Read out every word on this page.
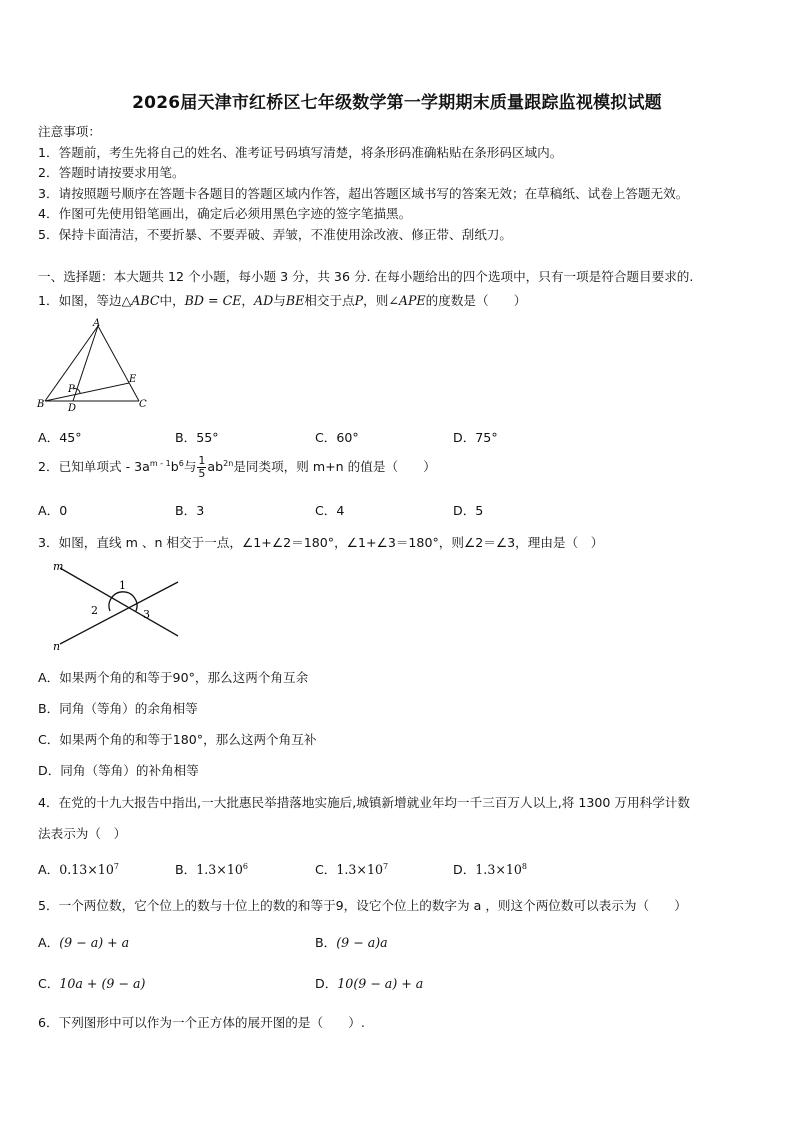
2026届天津市红桥区七年级数学第一学期期末质量跟踪监视模拟试题
注意事项：
1．答题前，考生先将自己的姓名、准考证号码填写清楚，将条形码准确粘贴在条形码区域内。
2．答题时请按要求用笔。
3．请按照题号顺序在答题卡各题目的答题区域内作答，超出答题区域书写的答案无效；在草稿纸、试卷上答题无效。
4．作图可先使用铅笔画出，确定后必须用黑色字迹的签字笔描黑。
5．保持卡面清洁，不要折暴、不要弄破、弄皱，不准使用涂改液、修正带、刮纸刀。
一、选择题：本大题共 12 个小题，每小题 3 分，共 36 分. 在每小题给出的四个选项中，只有一项是符合题目要求的.
1．如图，等边△ABC中，BD = CE，AD与BE相交于点P，则∠APE的度数是（　　）
A
B	C
D
E
P
A．45°	B．55°	C．60°	D．75°
2．已知单项式 - $3a^{m - 1}b^6$与 $\frac{1}{5} ab^{2n}$是同类项，则 m+n 的值是（　　）
A．0	B．3	C．4	D．5
3．如图，直线 m 、n 相交于一点，∠1+∠2＝180°，∠1+∠3＝180°，则∠2＝∠3，理由是（　）
m
n
1
2	3
A．如果两个角的和等于90°，那么这两个角互余
B．同角（等角）的余角相等
C．如果两个角的和等于180°，那么这两个角互补
D．同角（等角）的补角相等
4．在党的十九大报告中指出,一大批惠民举措落地实施后,城镇新增就业年均一千三百万人以上,将 1300 万用科学计数
法表示为（　）
A．$0.13\times 10^7$	B．$1.3\times 10^6$	C．$1.3\times 10^7$	D．$1.3\times 10^8$
5．一个两位数，它个位上的数与十位上的数的和等于9，设它个位上的数字为 a ，则这个两位数可以表示为（　　）
A．(9 − a) + a	B．(9 − a)a
C．10a + (9 − a)	D．10(9 − a) + a
6．下列图形中可以作为一个正方体的展开图的是（　　）.
